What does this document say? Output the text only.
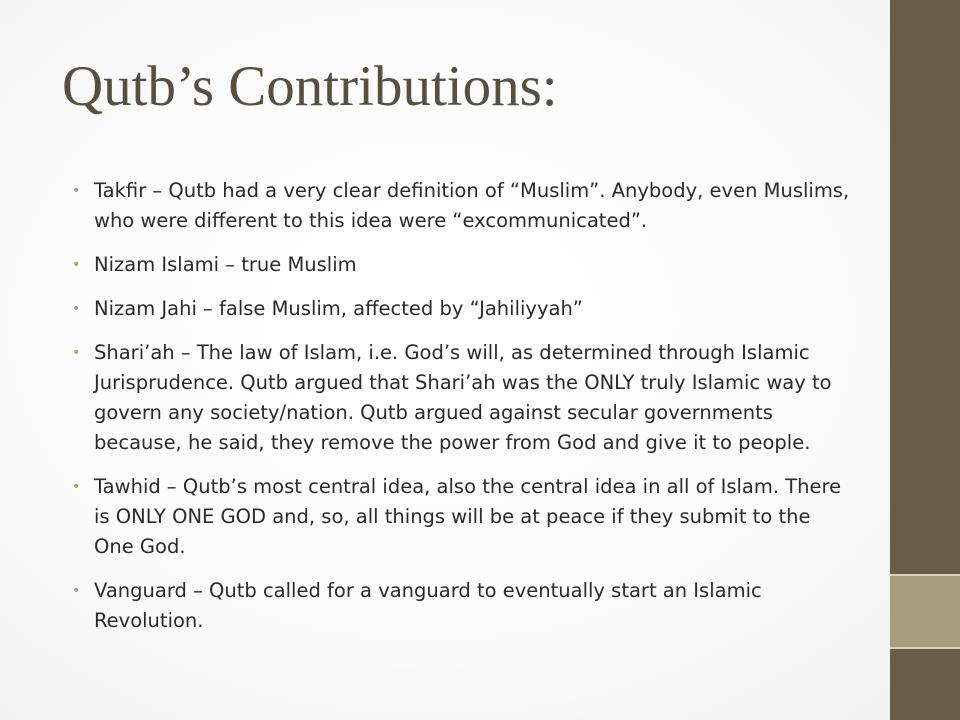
Qutb’s Contributions:
• Takfir – Qutb had a very clear definition of “Muslim”. Anybody, even Muslims, who were different to this idea were “excommunicated”.
• Nizam Islami – true Muslim
• Nizam Jahi – false Muslim, affected by “Jahiliyyah”
• Shari’ah – The law of Islam, i.e. God’s will, as determined through Islamic Jurisprudence. Qutb argued that Shari’ah was the ONLY truly Islamic way to govern any society/nation. Qutb argued against secular governments because, he said, they remove the power from God and give it to people.
• Tawhid – Qutb’s most central idea, also the central idea in all of Islam. There is ONLY ONE GOD and, so, all things will be at peace if they submit to the One God.
• Vanguard – Qutb called for a vanguard to eventually start an Islamic Revolution.
